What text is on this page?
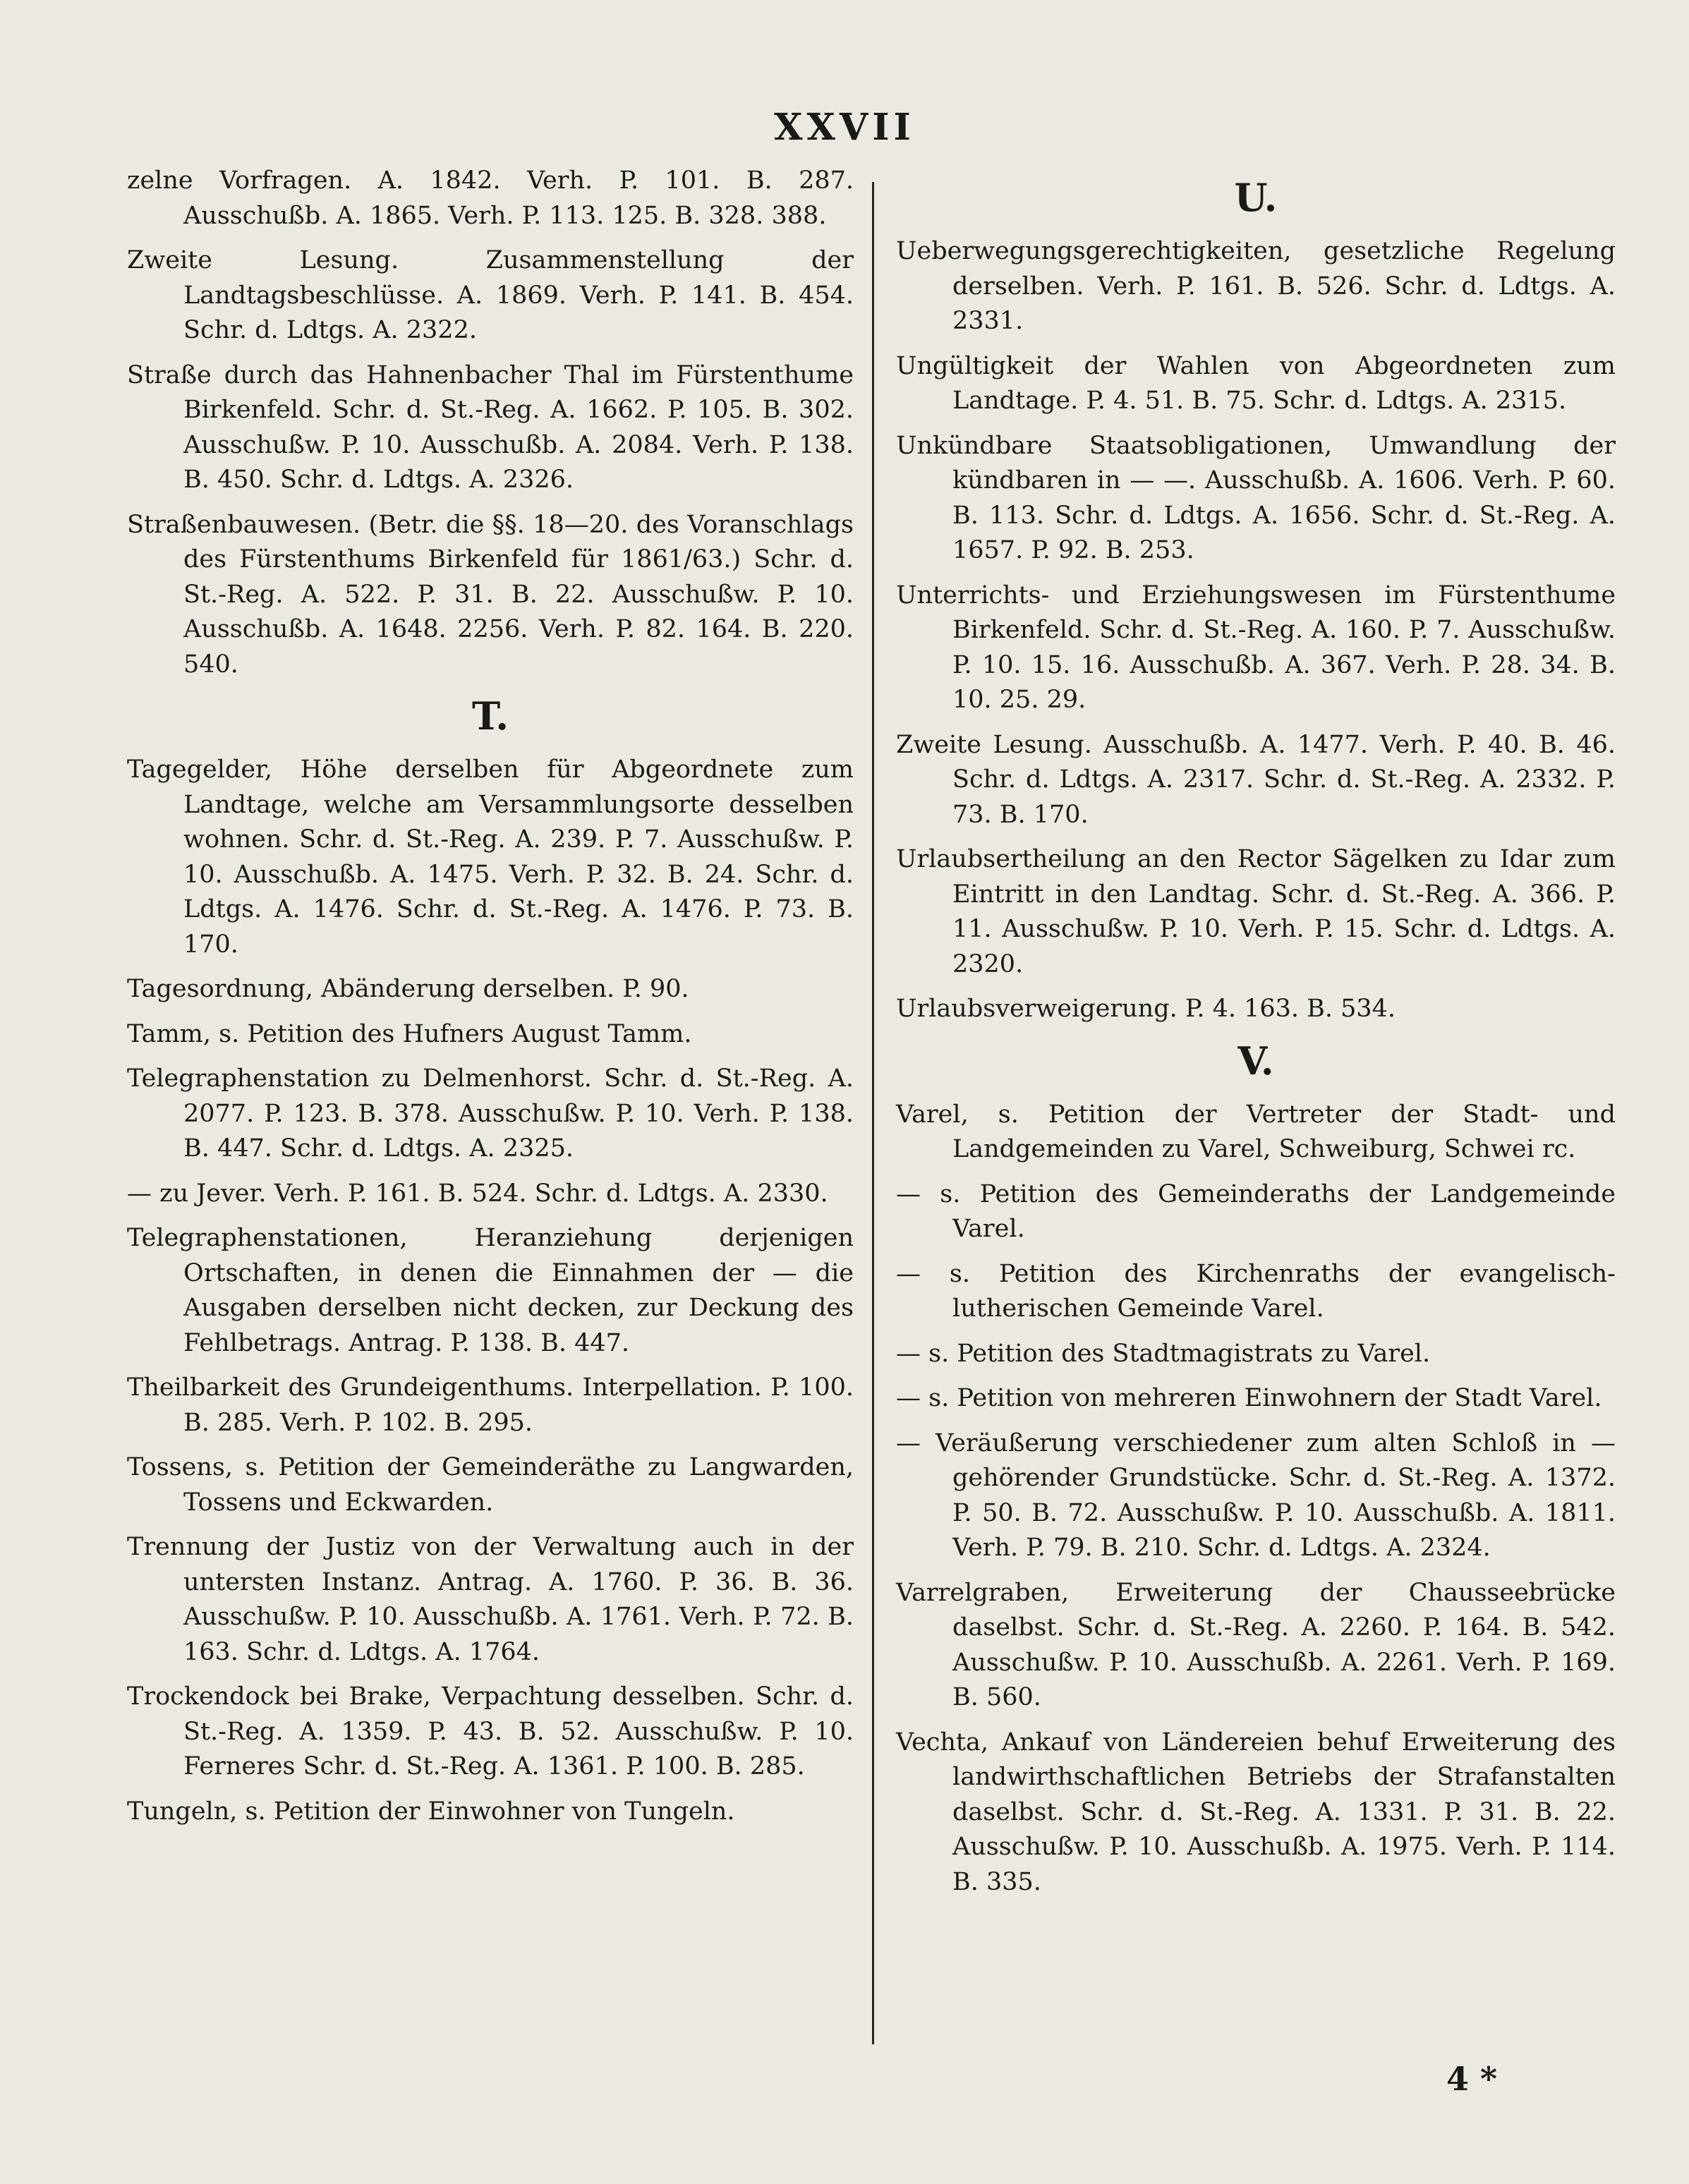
XXVII
zelne Vorfragen. A. 1842. Verh. P. 101. B. 287. Ausschußb. A. 1865. Verh. P. 113. 125. B. 328. 388.
Zweite Lesung. Zusammenstellung der Landtagsbeschlüsse. A. 1869. Verh. P. 141. B. 454. Schr. d. Ldtgs. A. 2322.
Straße durch das Hahnenbacher Thal im Fürstenthume Birkenfeld. Schr. d. St.-Reg. A. 1662. P. 105. B. 302. Ausschußw. P. 10. Ausschußb. A. 2084. Verh. P. 138. B. 450. Schr. d. Ldtgs. A. 2326.
Straßenbauwesen. (Betr. die §§. 18—20. des Voranschlags des Fürstenthums Birkenfeld für 1861/63.) Schr. d. St.-Reg. A. 522. P. 31. B. 22. Ausschußw. P. 10. Ausschußb. A. 1648. 2256. Verh. P. 82. 164. B. 220. 540.
T.
Tagegelder, Höhe derselben für Abgeordnete zum Landtage, welche am Versammlungsorte desselben wohnen. Schr. d. St.-Reg. A. 239. P. 7. Ausschußw. P. 10. Ausschußb. A. 1475. Verh. P. 32. B. 24. Schr. d. Ldtgs. A. 1476. Schr. d. St.-Reg. A. 1476. P. 73. B. 170.
Tagesordnung, Abänderung derselben. P. 90.
Tamm, s. Petition des Hufners August Tamm.
Telegraphenstation zu Delmenhorst. Schr. d. St.-Reg. A. 2077. P. 123. B. 378. Ausschußw. P. 10. Verh. P. 138. B. 447. Schr. d. Ldtgs. A. 2325.
— zu Jever. Verh. P. 161. B. 524. Schr. d. Ldtgs. A. 2330.
Telegraphenstationen, Heranziehung derjenigen Ortschaften, in denen die Einnahmen der — die Ausgaben derselben nicht decken, zur Deckung des Fehlbetrags. Antrag. P. 138. B. 447.
Theilbarkeit des Grundeigenthums. Interpellation. P. 100. B. 285. Verh. P. 102. B. 295.
Tossens, s. Petition der Gemeinderäthe zu Langwarden, Tossens und Eckwarden.
Trennung der Justiz von der Verwaltung auch in der untersten Instanz. Antrag. A. 1760. P. 36. B. 36. Ausschußw. P. 10. Ausschußb. A. 1761. Verh. P. 72. B. 163. Schr. d. Ldtgs. A. 1764.
Trockendock bei Brake, Verpachtung desselben. Schr. d. St.-Reg. A. 1359. P. 43. B. 52. Ausschußw. P. 10. Ferneres Schr. d. St.-Reg. A. 1361. P. 100. B. 285.
Tungeln, s. Petition der Einwohner von Tungeln.
U.
Ueberwegungsgerechtigkeiten, gesetzliche Regelung derselben. Verh. P. 161. B. 526. Schr. d. Ldtgs. A. 2331.
Ungültigkeit der Wahlen von Abgeordneten zum Landtage. P. 4. 51. B. 75. Schr. d. Ldtgs. A. 2315.
Unkündbare Staatsobligationen, Umwandlung der kündbaren in — —. Ausschußb. A. 1606. Verh. P. 60. B. 113. Schr. d. Ldtgs. A. 1656. Schr. d. St.-Reg. A. 1657. P. 92. B. 253.
Unterrichts- und Erziehungswesen im Fürstenthume Birkenfeld. Schr. d. St.-Reg. A. 160. P. 7. Ausschußw. P. 10. 15. 16. Ausschußb. A. 367. Verh. P. 28. 34. B. 10. 25. 29.
Zweite Lesung. Ausschußb. A. 1477. Verh. P. 40. B. 46. Schr. d. Ldtgs. A. 2317. Schr. d. St.-Reg. A. 2332. P. 73. B. 170.
Urlaubsertheilung an den Rector Sägelken zu Idar zum Eintritt in den Landtag. Schr. d. St.-Reg. A. 366. P. 11. Ausschußw. P. 10. Verh. P. 15. Schr. d. Ldtgs. A. 2320.
Urlaubsverweigerung. P. 4. 163. B. 534.
V.
Varel, s. Petition der Vertreter der Stadt- und Landgemeinden zu Varel, Schweiburg, Schwei rc.
— s. Petition des Gemeinderaths der Landgemeinde Varel.
— s. Petition des Kirchenraths der evangelisch-lutherischen Gemeinde Varel.
— s. Petition des Stadtmagistrats zu Varel.
— s. Petition von mehreren Einwohnern der Stadt Varel.
— Veräußerung verschiedener zum alten Schloß in — gehörender Grundstücke. Schr. d. St.-Reg. A. 1372. P. 50. B. 72. Ausschußw. P. 10. Ausschußb. A. 1811. Verh. P. 79. B. 210. Schr. d. Ldtgs. A. 2324.
Varrelgraben, Erweiterung der Chausseebrücke daselbst. Schr. d. St.-Reg. A. 2260. P. 164. B. 542. Ausschußw. P. 10. Ausschußb. A. 2261. Verh. P. 169. B. 560.
Vechta, Ankauf von Ländereien behuf Erweiterung des landwirthschaftlichen Betriebs der Strafanstalten daselbst. Schr. d. St.-Reg. A. 1331. P. 31. B. 22. Ausschußw. P. 10. Ausschußb. A. 1975. Verh. P. 114. B. 335.
4 *
